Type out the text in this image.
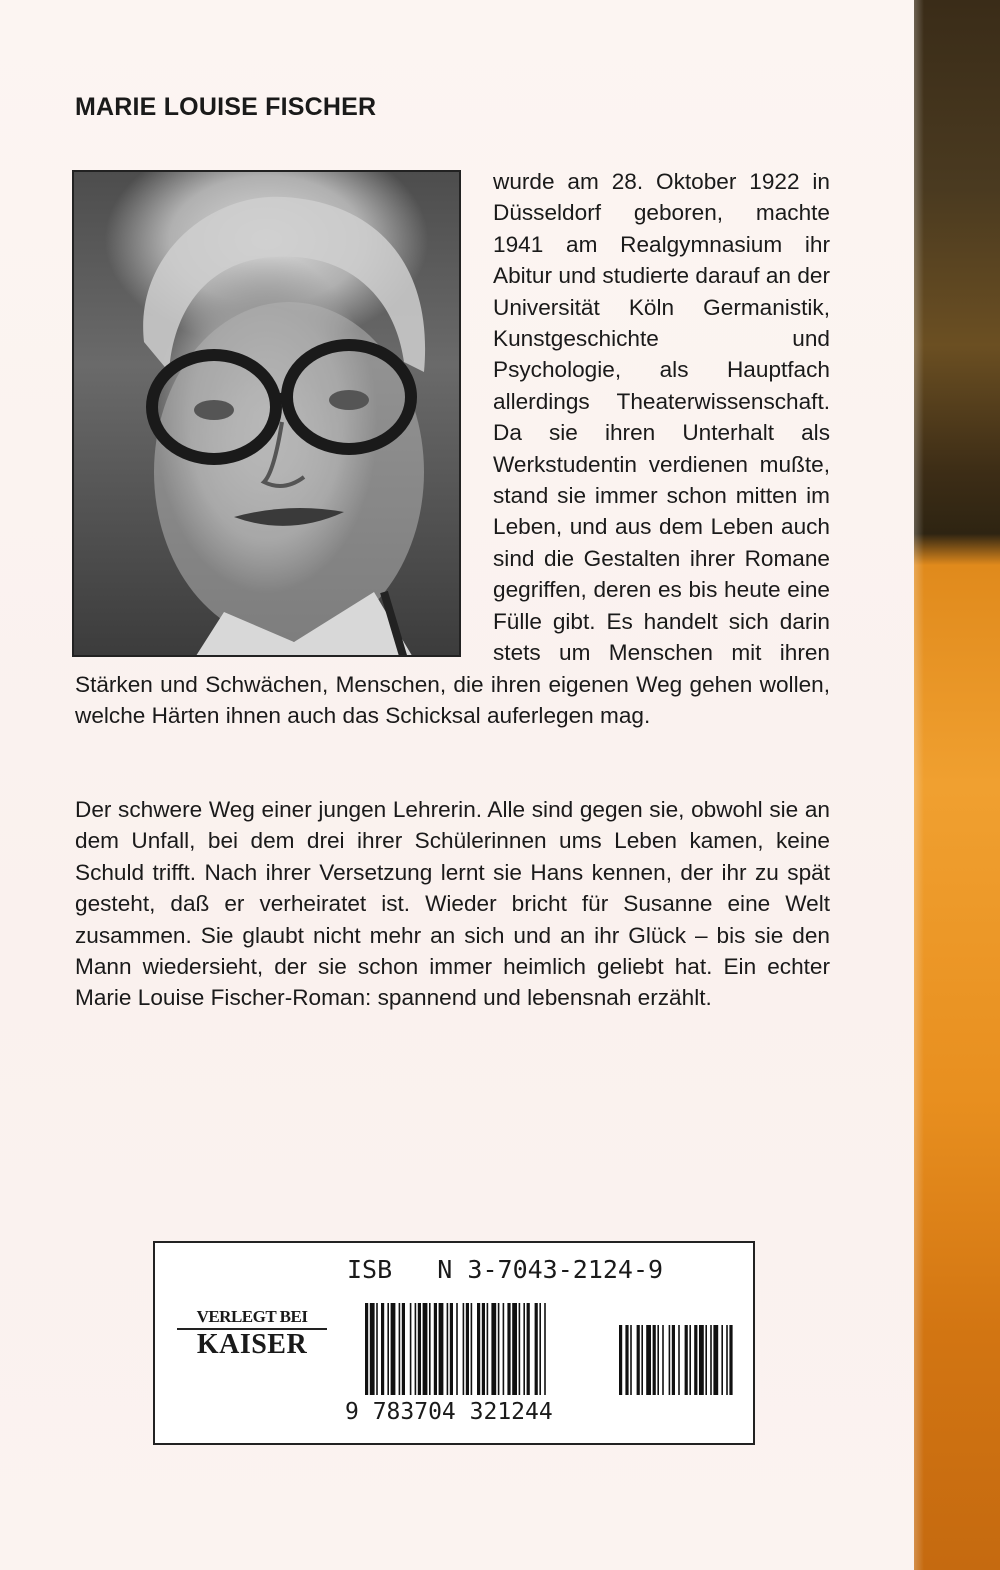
MARIE LOUISE FISCHER

wurde am 28. Oktober 1922 in Düsseldorf geboren, machte 1941 am Realgymnasium ihr Abitur und studierte darauf an der Universität Köln Germanistik, Kunstgeschichte und Psychologie, als Hauptfach allerdings Theaterwissenschaft. Da sie ihren Unterhalt als Werkstudentin verdienen mußte, stand sie immer schon mitten im Leben, und aus dem Leben auch sind die Gestalten ihrer Romane gegriffen, deren es bis heute eine Fülle gibt. Es handelt sich darin stets um Menschen mit ihren Stärken und Schwächen, Menschen, die ihren eigenen Weg gehen wollen, welche Härten ihnen auch das Schicksal auferlegen mag.

Der schwere Weg einer jungen Lehrerin. Alle sind gegen sie, obwohl sie an dem Unfall, bei dem drei ihrer Schülerinnen ums Leben kamen, keine Schuld trifft. Nach ihrer Versetzung lernt sie Hans kennen, der ihr zu spät gesteht, daß er verheiratet ist. Wieder bricht für Susanne eine Welt zusammen. Sie glaubt nicht mehr an sich und an ihr Glück – bis sie den Mann wiedersieht, der sie schon immer heimlich geliebt hat. Ein echter Marie Louise Fischer-Roman: spannend und lebensnah erzählt.

ISB   N 3-7043-2124-9

VERLEGT BEI
KAISER

9 783704 321244
